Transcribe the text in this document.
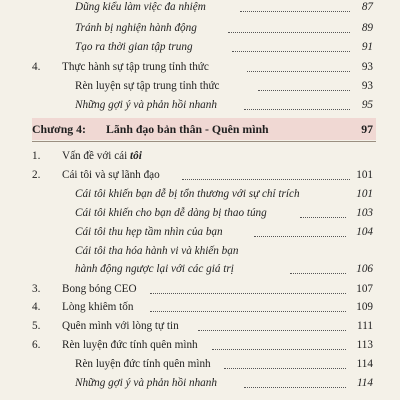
Dũng kiểu làm việc đa nhiệm	87
Tránh bị nghiện hành động	89
Tạo ra thời gian tập trung	91
4. Thực hành sự tập trung tỉnh thức	93
Rèn luyện sự tập trung tỉnh thức	93
Những gợi ý và phản hồi nhanh	95
Chương 4: Lãnh đạo bản thân - Quên mình	97
1. Vấn đề với cái tôi
2. Cái tôi và sự lãnh đạo	101
Cái tôi khiến bạn dễ bị tổn thương với sự chỉ trích	101
Cái tôi khiến cho bạn dễ dàng bị thao túng	103
Cái tôi thu hẹp tầm nhìn của bạn	104
Cái tôi tha hóa hành vi và khiến bạn
hành động ngược lại với các giá trị	106
3. Bong bóng CEO	107
4. Lòng khiêm tốn	109
5. Quên mình với lòng tự tin	111
6. Rèn luyện đức tính quên mình	113
Rèn luyện đức tính quên mình	114
Những gợi ý và phản hồi nhanh	114
